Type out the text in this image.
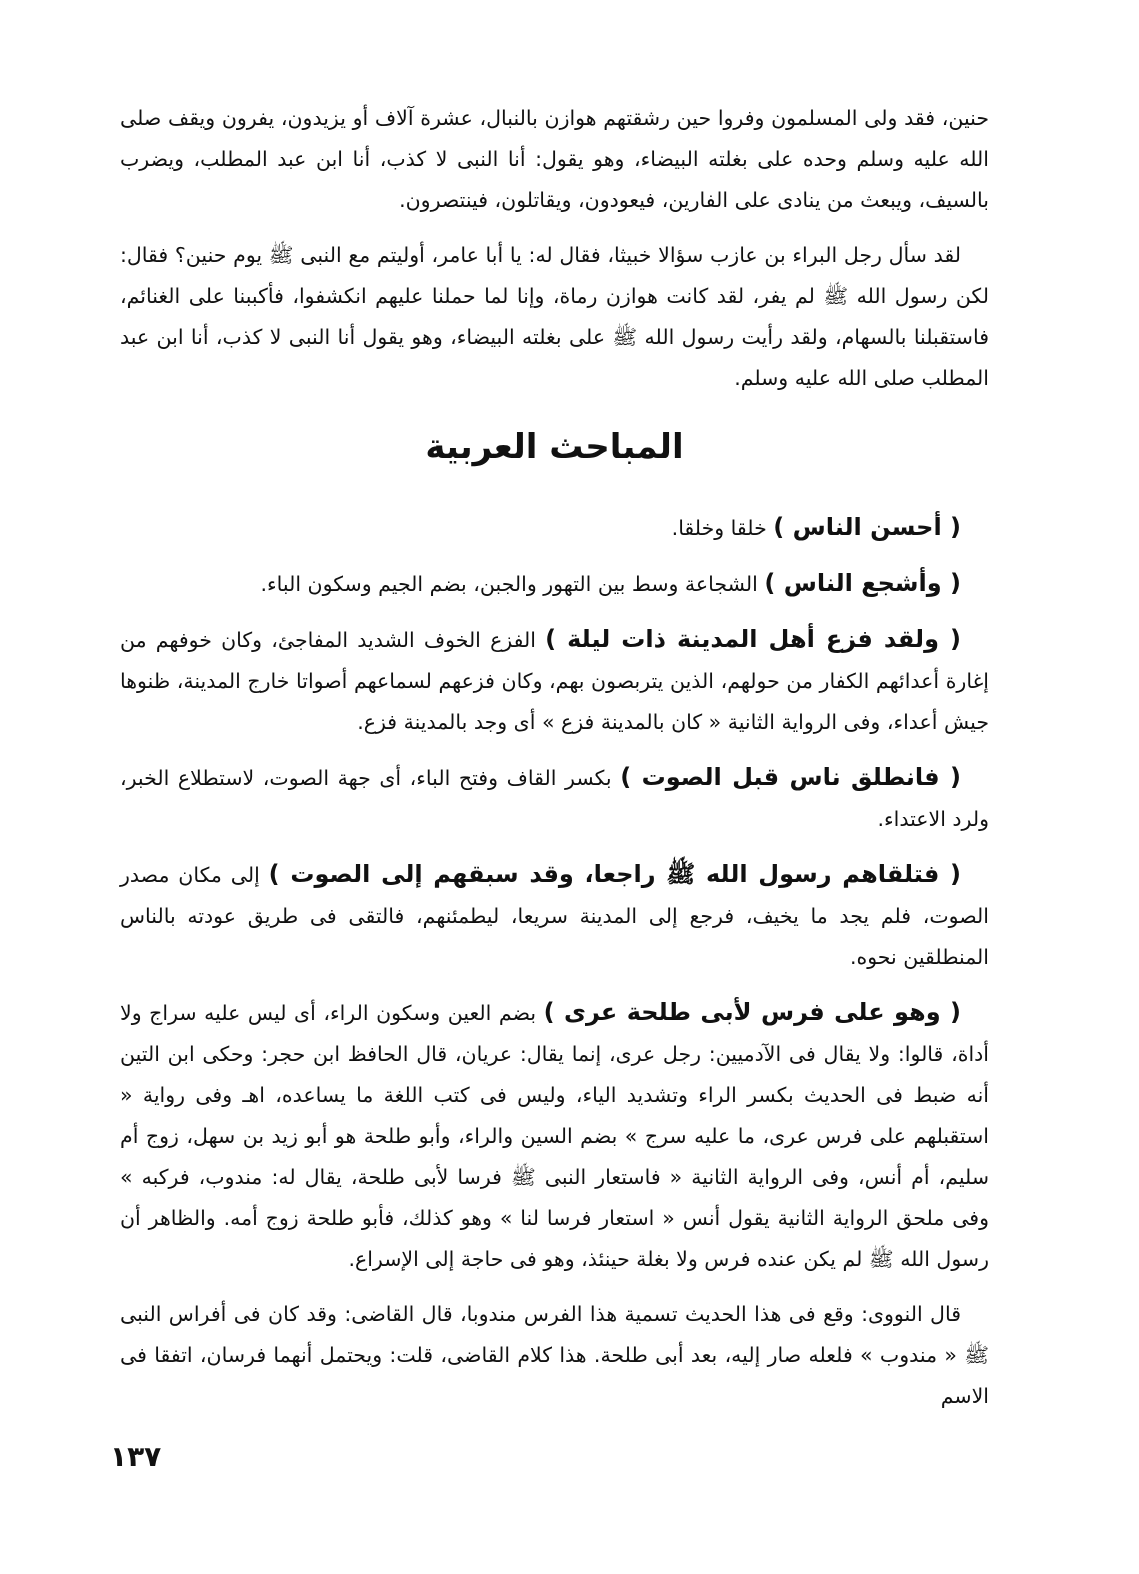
حنين، فقد ولى المسلمون وفروا حين رشقتهم هوازن بالنبال، عشرة آلاف أو يزيدون، يفرون ويقف صلى الله عليه وسلم وحده على بغلته البيضاء، وهو يقول: أنا النبى لا كذب، أنا ابن عبد المطلب، ويضرب بالسيف، ويبعث من ينادى على الفارين، فيعودون، ويقاتلون، فينتصرون.

لقد سأل رجل البراء بن عازب سؤالا خبيثا، فقال له: يا أبا عامر، أوليتم مع النبى ﷺ يوم حنين؟ فقال: لكن رسول الله ﷺ لم يفر، لقد كانت هوازن رماة، وإنا لما حملنا عليهم انكشفوا، فأكببنا على الغنائم، فاستقبلنا بالسهام، ولقد رأيت رسول الله ﷺ على بغلته البيضاء، وهو يقول أنا النبى لا كذب، أنا ابن عبد المطلب صلى الله عليه وسلم.

المباحث العربية

( أحسن الناس ) خلقا وخلقا.

( وأشجع الناس ) الشجاعة وسط بين التهور والجبن، بضم الجيم وسكون الباء.

( ولقد فزع أهل المدينة ذات ليلة ) الفزع الخوف الشديد المفاجئ، وكان خوفهم من إغارة أعدائهم الكفار من حولهم، الذين يتربصون بهم، وكان فزعهم لسماعهم أصواتا خارج المدينة، ظنوها جيش أعداء، وفى الرواية الثانية « كان بالمدينة فزع » أى وجد بالمدينة فزع.

( فانطلق ناس قبل الصوت ) بكسر القاف وفتح الباء، أى جهة الصوت، لاستطلاع الخبر، ولرد الاعتداء.

( فتلقاهم رسول الله ﷺ راجعا، وقد سبقهم إلى الصوت ) إلى مكان مصدر الصوت، فلم يجد ما يخيف، فرجع إلى المدينة سريعا، ليطمئنهم، فالتقى فى طريق عودته بالناس المنطلقين نحوه.

( وهو على فرس لأبى طلحة عرى ) بضم العين وسكون الراء، أى ليس عليه سراج ولا أداة، قالوا: ولا يقال فى الآدميين: رجل عرى، إنما يقال: عريان، قال الحافظ ابن حجر: وحكى ابن التين أنه ضبط فى الحديث بكسر الراء وتشديد الياء، وليس فى كتب اللغة ما يساعده، اهـ وفى رواية « استقبلهم على فرس عرى، ما عليه سرج » بضم السين والراء، وأبو طلحة هو أبو زيد بن سهل، زوج أم سليم، أم أنس، وفى الرواية الثانية « فاستعار النبى ﷺ فرسا لأبى طلحة، يقال له: مندوب، فركبه » وفى ملحق الرواية الثانية يقول أنس « استعار فرسا لنا » وهو كذلك، فأبو طلحة زوج أمه. والظاهر أن رسول الله ﷺ لم يكن عنده فرس ولا بغلة حينئذ، وهو فى حاجة إلى الإسراع.

قال النووى: وقع فى هذا الحديث تسمية هذا الفرس مندوبا، قال القاضى: وقد كان فى أفراس النبى ﷺ « مندوب » فلعله صار إليه، بعد أبى طلحة. هذا كلام القاضى، قلت: ويحتمل أنهما فرسان، اتفقا فى الاسم

١٣٧
